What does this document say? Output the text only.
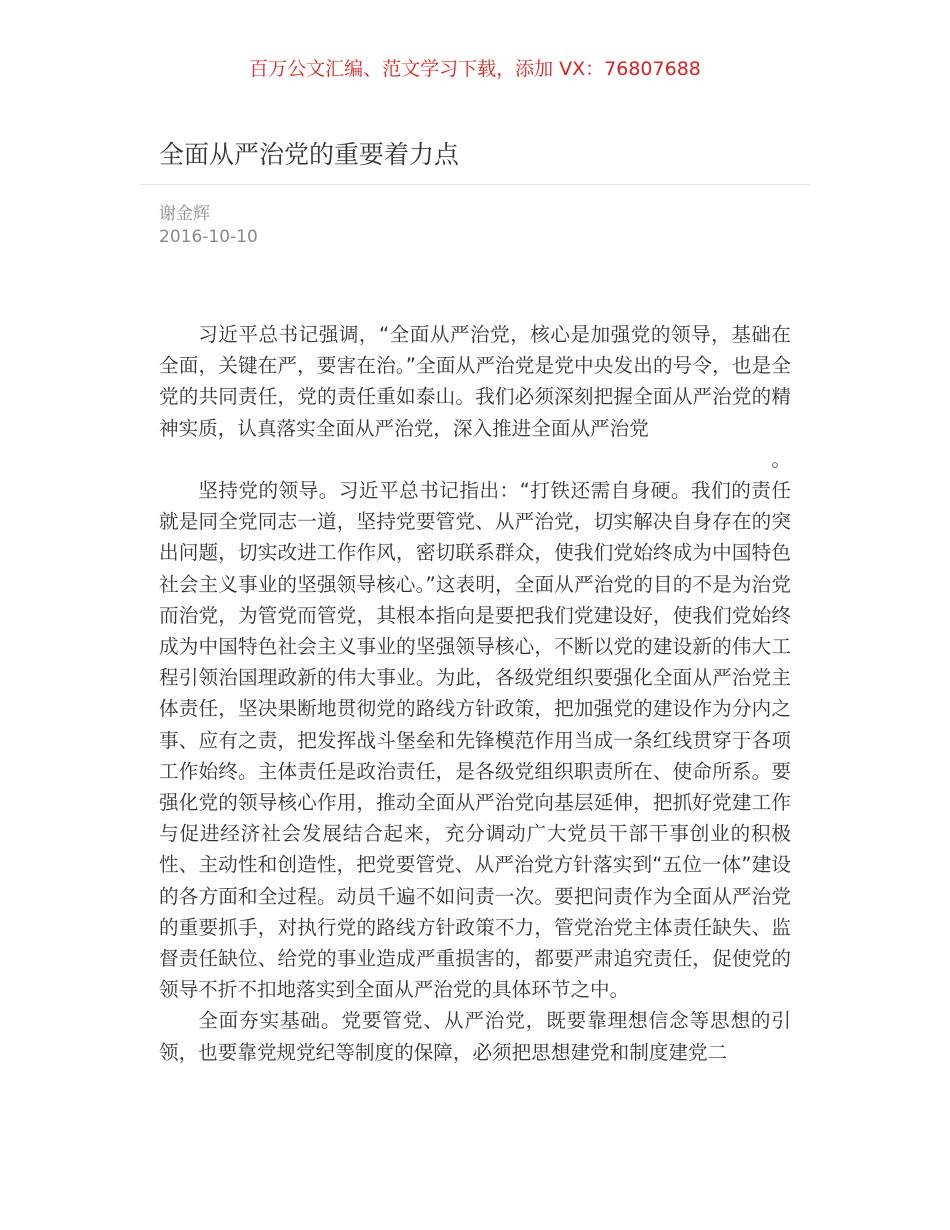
百万公文汇编、范文学习下载，添加 VX：76807688
全面从严治党的重要着力点
谢金辉
2016-10-10

习近平总书记强调，“全面从严治党，核心是加强党的领导，基础在全面，关键在严，要害在治。”全面从严治党是党中央发出的号令，也是全党的共同责任，党的责任重如泰山。我们必须深刻把握全面从严治党的精神实质，认真落实全面从严治党，深入推进全面从严治党

。

坚持党的领导。习近平总书记指出：“打铁还需自身硬。我们的责任就是同全党同志一道，坚持党要管党、从严治党，切实解决自身存在的突出问题，切实改进工作作风，密切联系群众，使我们党始终成为中国特色社会主义事业的坚强领导核心。”这表明，全面从严治党的目的不是为治党而治党，为管党而管党，其根本指向是要把我们党建设好，使我们党始终成为中国特色社会主义事业的坚强领导核心，不断以党的建设新的伟大工程引领治国理政新的伟大事业。为此，各级党组织要强化全面从严治党主体责任，坚决果断地贯彻党的路线方针政策，把加强党的建设作为分内之事、应有之责，把发挥战斗堡垒和先锋模范作用当成一条红线贯穿于各项工作始终。主体责任是政治责任，是各级党组织职责所在、使命所系。要强化党的领导核心作用，推动全面从严治党向基层延伸，把抓好党建工作与促进经济社会发展结合起来，充分调动广大党员干部干事创业的积极性、主动性和创造性，把党要管党、从严治党方针落实到“五位一体”建设的各方面和全过程。动员千遍不如问责一次。要把问责作为全面从严治党的重要抓手，对执行党的路线方针政策不力，管党治党主体责任缺失、监督责任缺位、给党的事业造成严重损害的，都要严肃追究责任，促使党的领导不折不扣地落实到全面从严治党的具体环节之中。

全面夯实基础。党要管党、从严治党，既要靠理想信念等思想的引领，也要靠党规党纪等制度的保障，必须把思想建党和制度建党二
